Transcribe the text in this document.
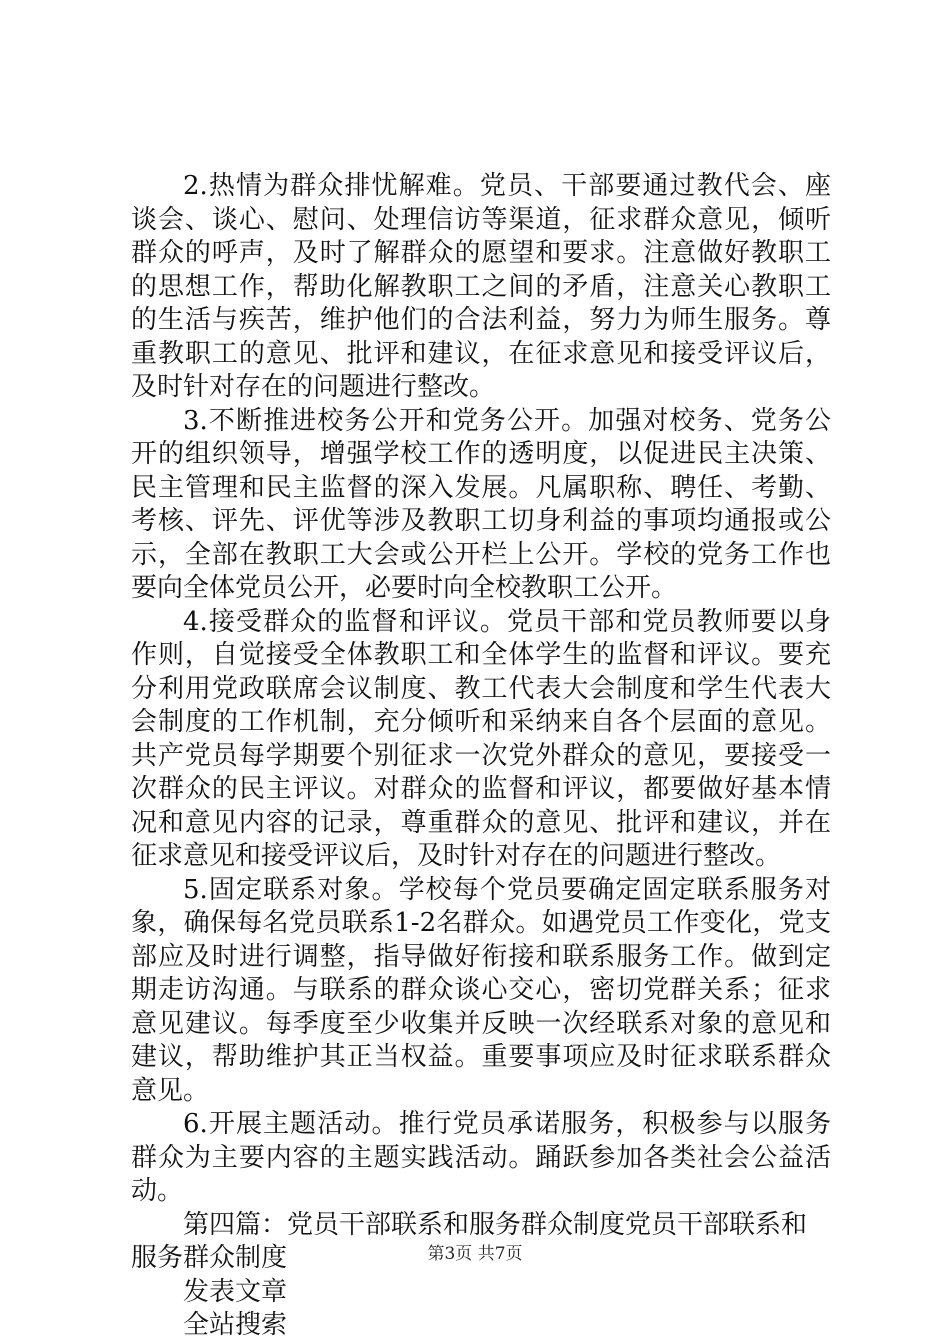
2.热情为群众排忧解难。党员、干部要通过教代会、座谈会、谈心、慰问、处理信访等渠道，征求群众意见，倾听群众的呼声，及时了解群众的愿望和要求。注意做好教职工的思想工作，帮助化解教职工之间的矛盾，注意关心教职工的生活与疾苦，维护他们的合法利益，努力为师生服务。尊重教职工的意见、批评和建议，在征求意见和接受评议后，及时针对存在的问题进行整改。

3.不断推进校务公开和党务公开。加强对校务、党务公开的组织领导，增强学校工作的透明度，以促进民主决策、民主管理和民主监督的深入发展。凡属职称、聘任、考勤、考核、评先、评优等涉及教职工切身利益的事项均通报或公示，全部在教职工大会或公开栏上公开。学校的党务工作也要向全体党员公开，必要时向全校教职工公开。

4.接受群众的监督和评议。党员干部和党员教师要以身作则，自觉接受全体教职工和全体学生的监督和评议。要充分利用党政联席会议制度、教工代表大会制度和学生代表大会制度的工作机制，充分倾听和采纳来自各个层面的意见。共产党员每学期要个别征求一次党外群众的意见，要接受一次群众的民主评议。对群众的监督和评议，都要做好基本情况和意见内容的记录，尊重群众的意见、批评和建议，并在征求意见和接受评议后，及时针对存在的问题进行整改。

5.固定联系对象。学校每个党员要确定固定联系服务对象，确保每名党员联系1-2名群众。如遇党员工作变化，党支部应及时进行调整，指导做好衔接和联系服务工作。做到定期走访沟通。与联系的群众谈心交心，密切党群关系；征求意见建议。每季度至少收集并反映一次经联系对象的意见和建议，帮助维护其正当权益。重要事项应及时征求联系群众意见。

6.开展主题活动。推行党员承诺服务，积极参与以服务群众为主要内容的主题实践活动。踊跃参加各类社会公益活动。

第四篇：党员干部联系和服务群众制度党员干部联系和服务群众制度

发表文章

全站搜索

第3页 共7页
